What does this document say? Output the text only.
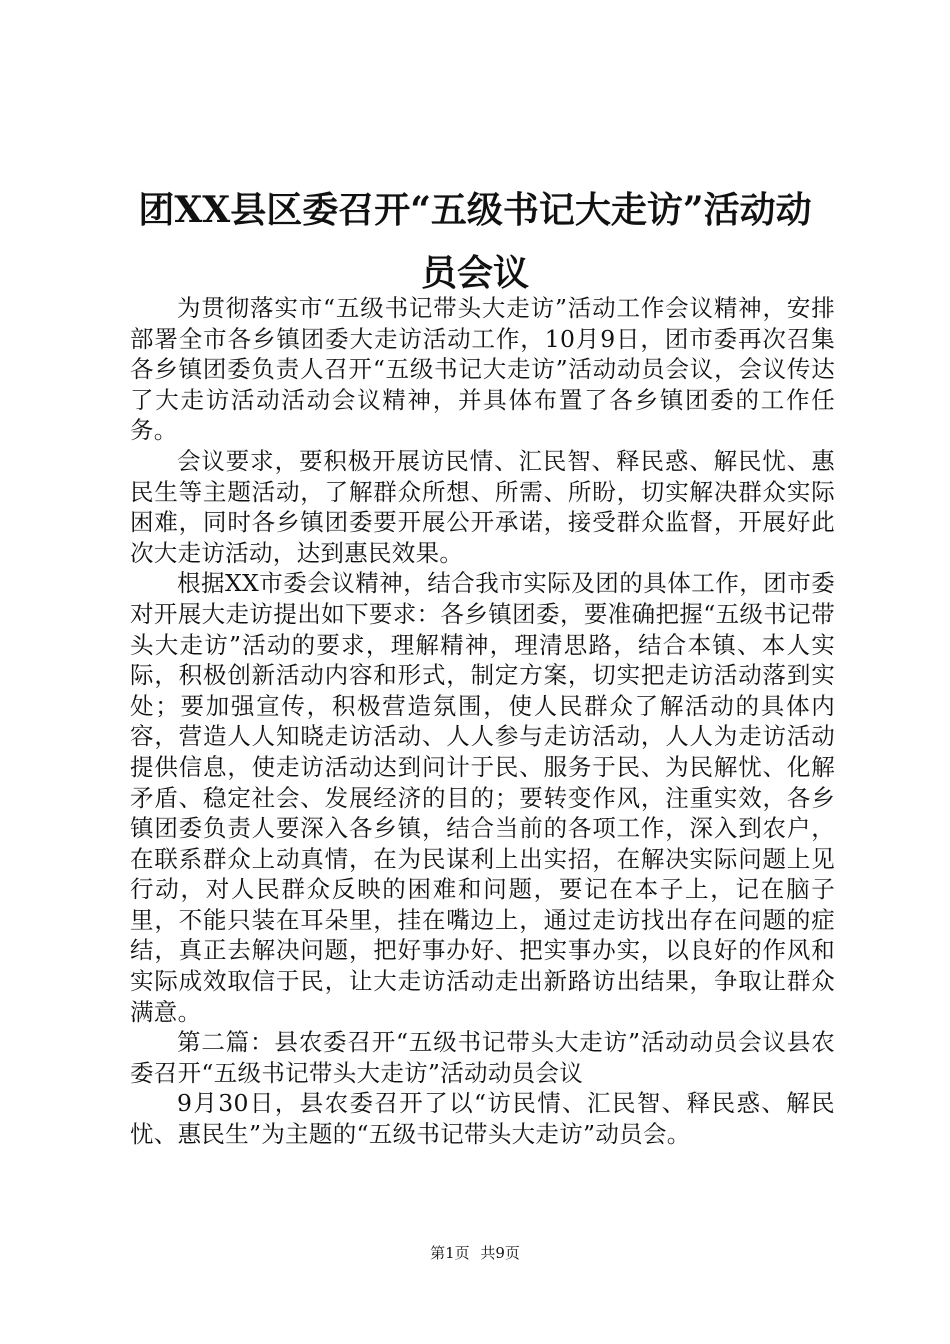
团XX县区委召开“五级书记大走访”活动动
员会议

为贯彻落实市“五级书记带头大走访”活动工作会议精神，安排部署全市各乡镇团委大走访活动工作，10月9日，团市委再次召集各乡镇团委负责人召开“五级书记大走访”活动动员会议，会议传达了大走访活动活动会议精神，并具体布置了各乡镇团委的工作任务。

会议要求，要积极开展访民情、汇民智、释民惑、解民忧、惠民生等主题活动，了解群众所想、所需、所盼，切实解决群众实际困难，同时各乡镇团委要开展公开承诺，接受群众监督，开展好此次大走访活动，达到惠民效果。

根据XX市委会议精神，结合我市实际及团的具体工作，团市委对开展大走访提出如下要求：各乡镇团委，要准确把握“五级书记带头大走访”活动的要求，理解精神，理清思路，结合本镇、本人实际，积极创新活动内容和形式，制定方案，切实把走访活动落到实处；要加强宣传，积极营造氛围，使人民群众了解活动的具体内容，营造人人知晓走访活动、人人参与走访活动，人人为走访活动提供信息，使走访活动达到问计于民、服务于民、为民解忧、化解矛盾、稳定社会、发展经济的目的；要转变作风，注重实效，各乡镇团委负责人要深入各乡镇，结合当前的各项工作，深入到农户，在联系群众上动真情，在为民谋利上出实招，在解决实际问题上见行动，对人民群众反映的困难和问题，要记在本子上，记在脑子里，不能只装在耳朵里，挂在嘴边上，通过走访找出存在问题的症结，真正去解决问题，把好事办好、把实事办实，以良好的作风和实际成效取信于民，让大走访活动走出新路访出结果，争取让群众满意。

第二篇：县农委召开“五级书记带头大走访”活动动员会议县农委召开“五级书记带头大走访”活动动员会议

9月30日，县农委召开了以“访民情、汇民智、释民惑、解民忧、惠民生”为主题的“五级书记带头大走访”动员会。

第1页 共9页
